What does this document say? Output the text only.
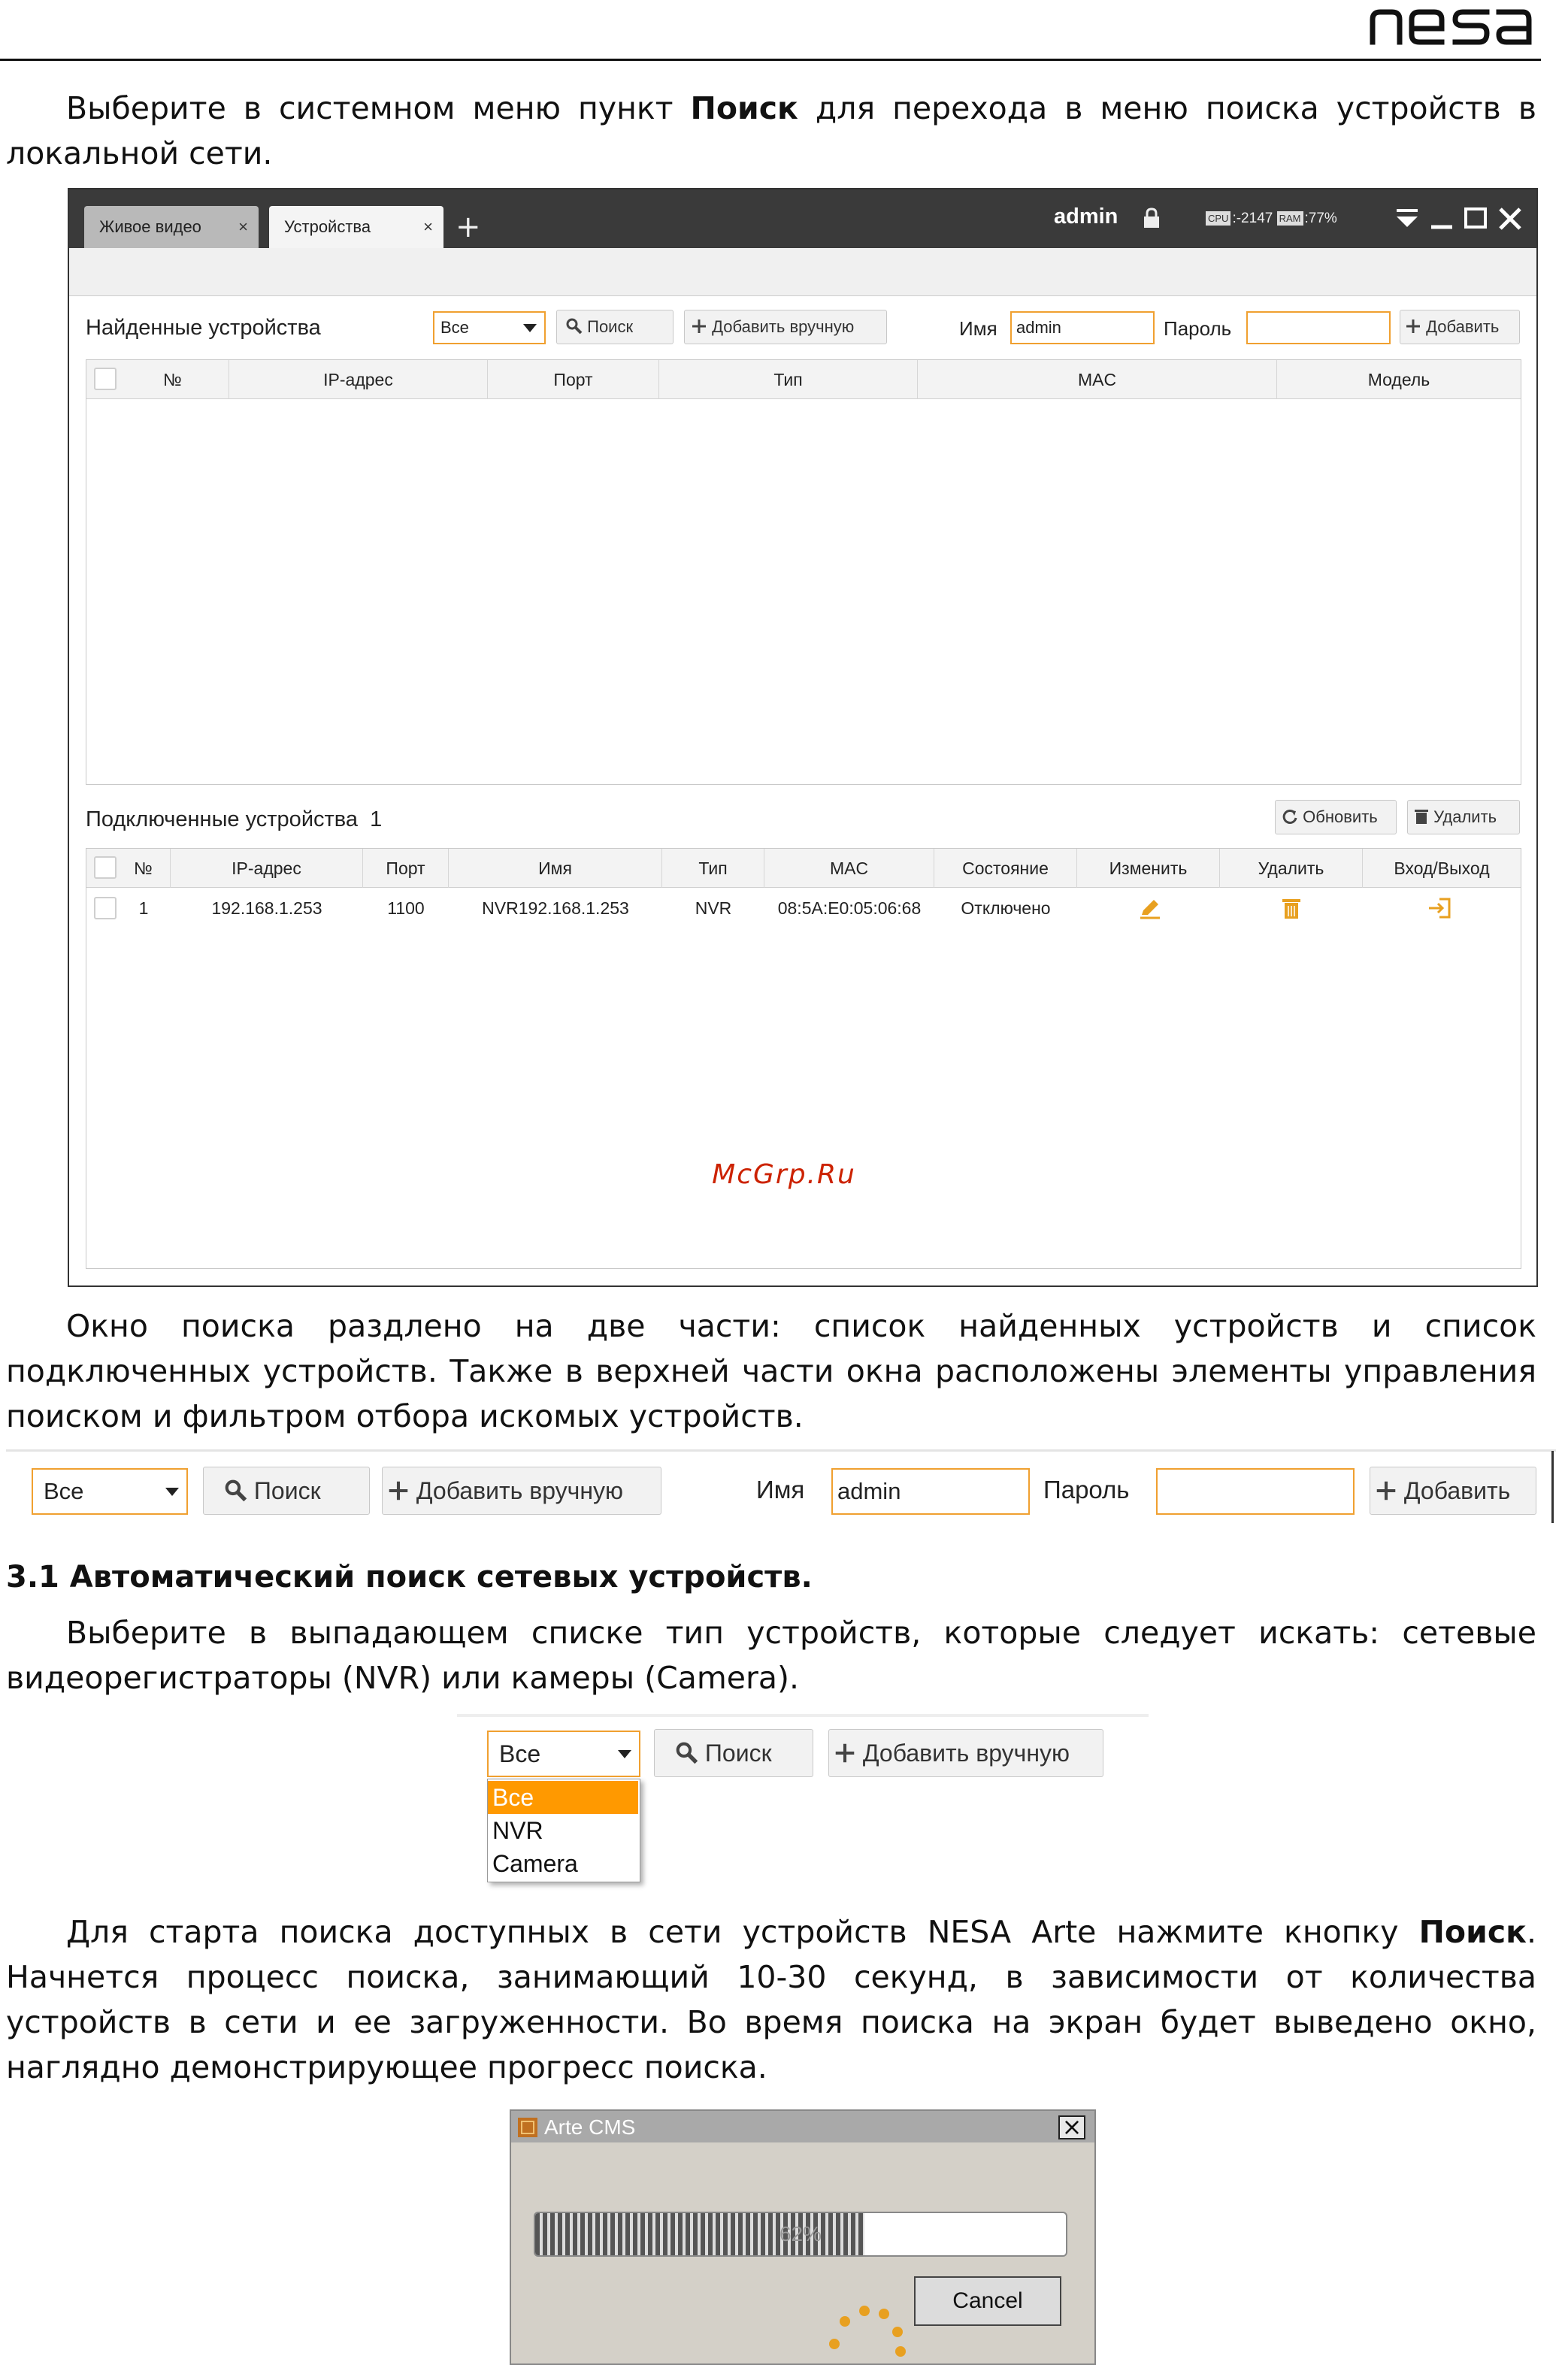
Выберите в системном меню пункт Поиск для перехода в меню поиска устройств в локальной сети.
Живое видео ×	Устройства	× +	admin	CPU :-2147 RAM :77%
Найденные устройства	Все	Поиск	Добавить вручную	Имя	admin	Пароль	Добавить
№	IP-адрес	Порт	Тип	MAC	Модель
Подключенные устройства 1	Обновить	Удалить
№	IP-адрес	Порт	Имя	Тип	MAC	Состояние	Изменить	Удалить	Вход/Выход
1	192.168.1.253	1100	NVR192.168.1.253	NVR	08:5A:E0:05:06:68	Отключено
McGrp.Ru
Окно поиска раздлено на две части: список найденных устройств и список подключенных устройств. Также в верхней части окна расположены элементы управления поиском и фильтром отбора искомых устройств.
Все	Поиск	Добавить вручную	Имя admin	Пароль	Добавить
3.1 Автоматический поиск сетевых устройств.
Выберите в выпадающем списке тип устройств, которые следует искать: сетевые видеорегистраторы (NVR) или камеры (Camera).
Все	Поиск	Добавить вручную
Все
NVR
Camera
Для старта поиска доступных в сети устройств NESA Arte нажмите кнопку Поиск. Начнется процесс поиска, занимающий 10-30 секунд, в зависимости от количества устройств в сети и ее загруженности. Во время поиска на экран будет выведено окно, наглядно демонстрирующее прогресс поиска.
Arte CMS	×
62%
Cancel
